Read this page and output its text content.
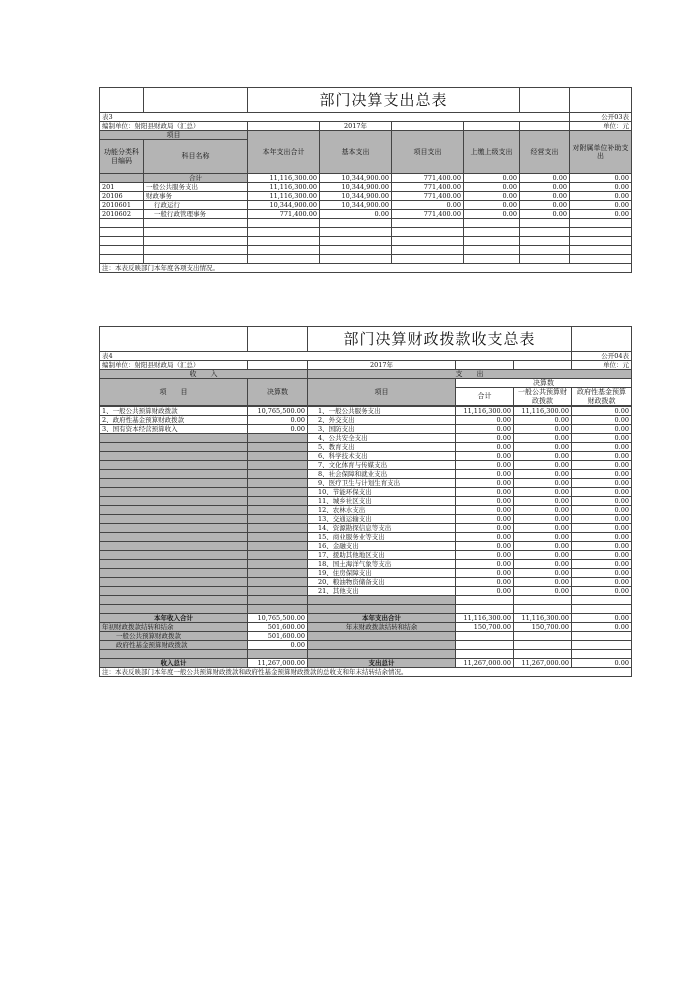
		部门决算支出总表					
表3							公开03表
编制单位：射阳县财政局（汇总）			2017年				单位：元
项目		本年支出合计	基本支出	项目支出	上缴上级支出	经营支出	对附属单位补助支出
功能分类科目编码	科目名称						

	合计	11,116,300.00	10,344,900.00	771,400.00	0.00	0.00	0.00
201	一般公共服务支出	11,116,300.00	10,344,900.00	771,400.00	0.00	0.00	0.00
20106	财政事务	11,116,300.00	10,344,900.00	771,400.00	0.00	0.00	0.00
2010601	行政运行	10,344,900.00	10,344,900.00	0.00	0.00	0.00	0.00
2010602	一般行政管理事务	771,400.00	0.00	771,400.00	0.00	0.00	0.00

注：本表反映部门本年度各项支出情况。							
		部门决算财政拨款收支总表			
表4					公开04表
编制单位：射阳县财政局（汇总）		2017年			单位：元
收　　入		支　　出			
项　　目	决算数	项目	决算数		
			合计	一般公共预算财政拨款	政府性基金预算财政拨款
1、一般公共预算财政拨款	10,765,500.00	1、一般公共服务支出	11,116,300.00	11,116,300.00	0.00
2、政府性基金预算财政拨款	0.00	2、外交支出	0.00	0.00	0.00
3、国有资本经营预算收入	0.00	3、国防支出	0.00	0.00	0.00
		4、公共安全支出	0.00	0.00	0.00
		5、教育支出	0.00	0.00	0.00
		6、科学技术支出	0.00	0.00	0.00
		7、文化体育与传媒支出	0.00	0.00	0.00
		8、社会保障和就业支出	0.00	0.00	0.00
		9、医疗卫生与计划生育支出	0.00	0.00	0.00
		10、节能环保支出	0.00	0.00	0.00
		11、城乡社区支出	0.00	0.00	0.00
		12、农林水支出	0.00	0.00	0.00
		13、交通运输支出	0.00	0.00	0.00
		14、资源勘探信息等支出	0.00	0.00	0.00
		15、商业服务业等支出	0.00	0.00	0.00
		16、金融支出	0.00	0.00	0.00
		17、援助其他地区支出	0.00	0.00	0.00
		18、国土海洋气象等支出	0.00	0.00	0.00
		19、住房保障支出	0.00	0.00	0.00
		20、粮油物资储备支出	0.00	0.00	0.00
		21、其他支出	0.00	0.00	0.00

本年收入合计	10,765,500.00	本年支出合计	11,116,300.00	11,116,300.00	0.00
年初财政拨款结转和结余	501,600.00	年末财政拨款结转和结余	150,700.00	150,700.00	0.00
一般公共预算财政拨款	501,600.00				
政府性基金预算财政拨款	0.00				

收入总计	11,267,000.00	支出总计	11,267,000.00	11,267,000.00	0.00
注：本表反映部门本年度一般公共预算财政拨款和政府性基金预算财政拨款的总收支和年末结转结余情况。					
